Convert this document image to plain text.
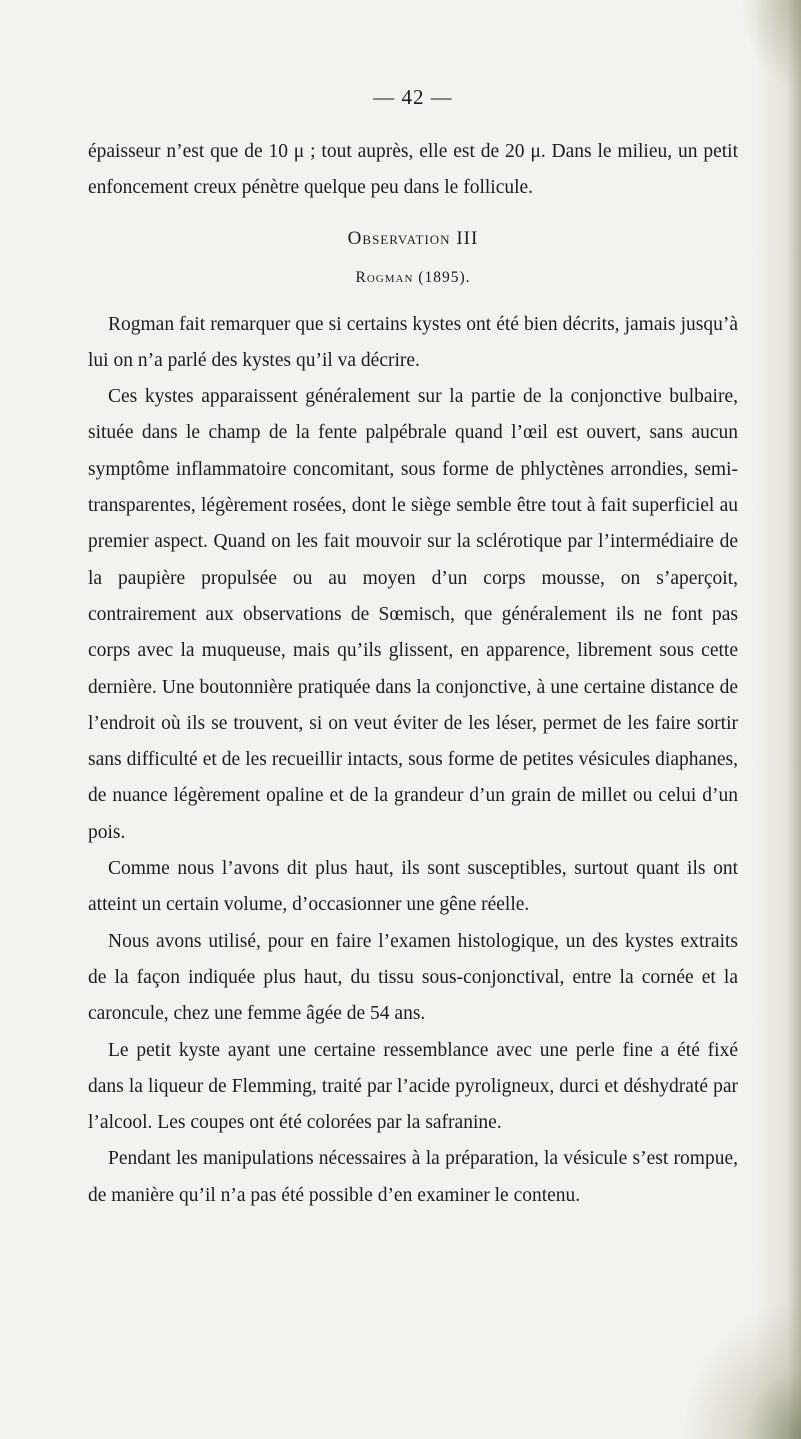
— 42 —

épaisseur n’est que de 10 μ ; tout auprès, elle est de 20 μ. Dans le milieu, un petit enfoncement creux pénètre quelque peu dans le follicule.

Observation III
Rogman (1895).

Rogman fait remarquer que si certains kystes ont été bien décrits, jamais jusqu’à lui on n’a parlé des kystes qu’il va décrire.

Ces kystes apparaissent généralement sur la partie de la conjonctive bulbaire, située dans le champ de la fente palpébrale quand l’œil est ouvert, sans aucun symptôme inflammatoire concomitant, sous forme de phlyctènes arrondies, semi-transparentes, légèrement rosées, dont le siège semble être tout à fait superficiel au premier aspect. Quand on les fait mouvoir sur la sclérotique par l’intermédiaire de la paupière propulsée ou au moyen d’un corps mousse, on s’aperçoit, contrairement aux observations de Sœmisch, que généralement ils ne font pas corps avec la muqueuse, mais qu’ils glissent, en apparence, librement sous cette dernière. Une boutonnière pratiquée dans la conjonctive, à une certaine distance de l’endroit où ils se trouvent, si on veut éviter de les léser, permet de les faire sortir sans difficulté et de les recueillir intacts, sous forme de petites vésicules diaphanes, de nuance légèrement opaline et de la grandeur d’un grain de millet ou celui d’un pois.

Comme nous l’avons dit plus haut, ils sont susceptibles, surtout quant ils ont atteint un certain volume, d’occasionner une gêne réelle.

Nous avons utilisé, pour en faire l’examen histologique, un des kystes extraits de la façon indiquée plus haut, du tissu sous-conjonctival, entre la cornée et la caroncule, chez une femme âgée de 54 ans.

Le petit kyste ayant une certaine ressemblance avec une perle fine a été fixé dans la liqueur de Flemming, traité par l’acide pyroligneux, durci et déshydraté par l’alcool. Les coupes ont été colorées par la safranine.

Pendant les manipulations nécessaires à la préparation, la vésicule s’est rompue, de manière qu’il n’a pas été possible d’en examiner le contenu.
